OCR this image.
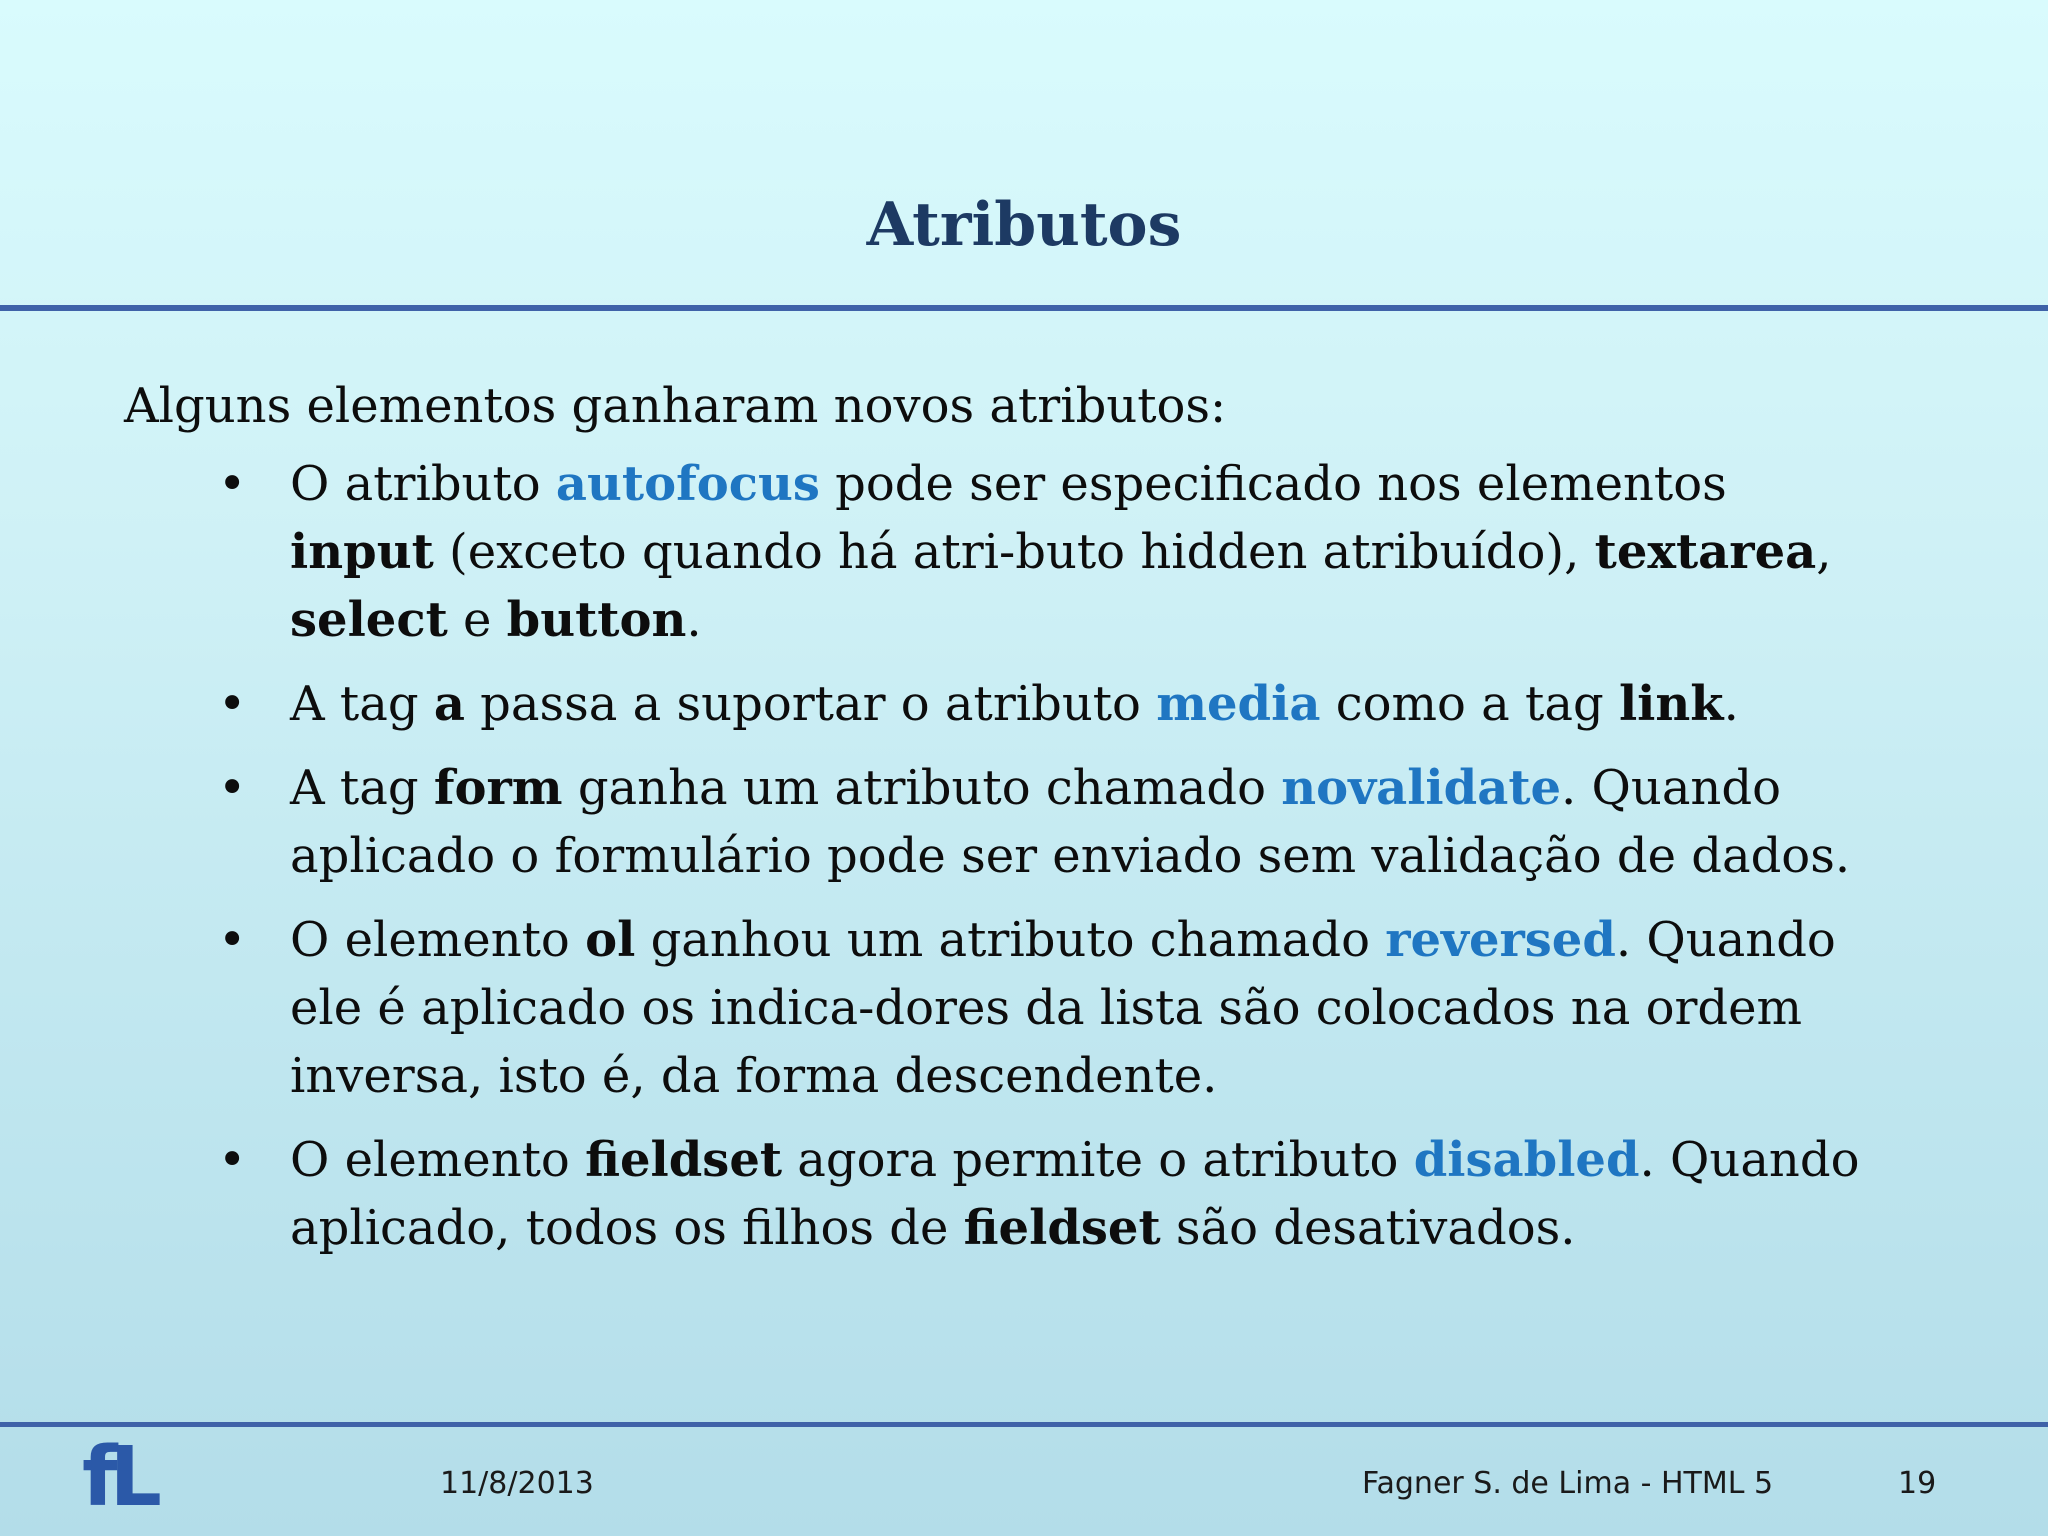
Atributos

Alguns elementos ganharam novos atributos:

• O atributo autofocus pode ser especificado nos elementos input (exceto quando há atri-buto hidden atribuído), textarea, select e button.
• A tag a passa a suportar o atributo media como a tag link.
• A tag form ganha um atributo chamado novalidate. Quando aplicado o formulário pode ser enviado sem validação de dados.
• O elemento ol ganhou um atributo chamado reversed. Quando ele é aplicado os indica-dores da lista são colocados na ordem inversa, isto é, da forma descendente.
• O elemento fieldset agora permite o atributo disabled. Quando aplicado, todos os filhos de fieldset são desativados.
fL	11/8/2013	Fagner S. de Lima - HTML 5	19
